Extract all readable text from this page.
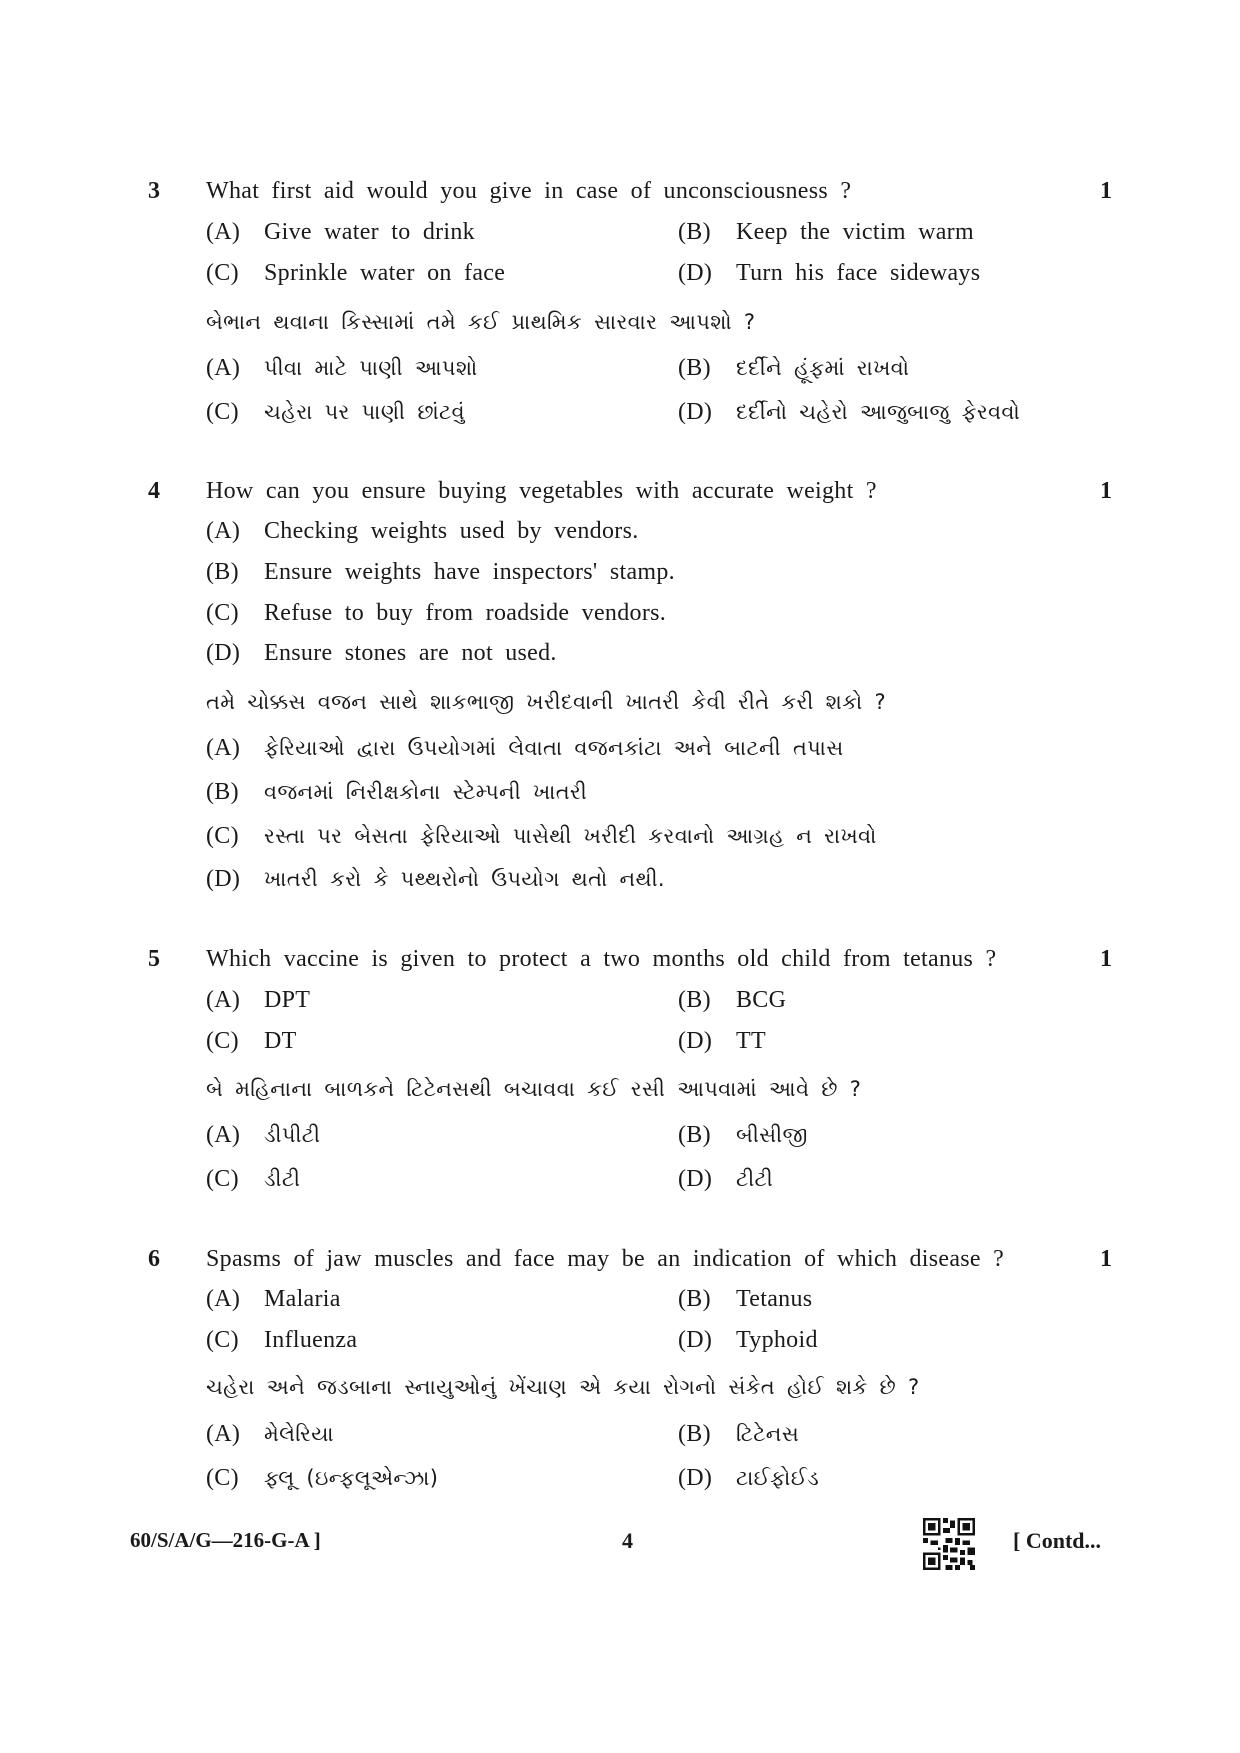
3 What first aid would you give in case of unconsciousness ?	1
(A) Give water to drink	(B) Keep the victim warm
(C) Sprinkle water on face	(D) Turn his face sideways
બેભાન થવાના કિસ્સામાં તમે કઈ પ્રાથમિક સારવાર આપશો ?
(A) પીવા માટે પાણી આપશો	(B) દર્દીને હૂંફમાં રાખવો
(C) ચહેરા પર પાણી છાંટવું	(D) દર્દીનો ચહેરો આજુબાજુ ફેરવવો
4 How can you ensure buying vegetables with accurate weight ?	1
(A) Checking weights used by vendors.
(B) Ensure weights have inspectors' stamp.
(C) Refuse to buy from roadside vendors.
(D) Ensure stones are not used.
તમે ચોક્કસ વજન સાથે શાકભાજી ખરીદવાની ખાતરી કેવી રીતે કરી શકો ?
(A) ફેરિયાઓ દ્વારા ઉપયોગમાં લેવાતા વજનકાંટા અને બાટની તપાસ
(B) વજનમાં નિરીક્ષકોના સ્ટેમ્પની ખાતરી
(C) રસ્તા પર બેસતા ફેરિયાઓ પાસેથી ખરીદી કરવાનો આગ્રહ ન રાખવો
(D) ખાતરી કરો કે પથ્થરોનો ઉપયોગ થતો નથી.
5 Which vaccine is given to protect a two months old child from tetanus ?	1
(A) DPT	(B) BCG
(C) DT	(D) TT
બે મહિનાના બાળકને ટિટેનસથી બચાવવા કઈ રસી આપવામાં આવે છે ?
(A) ડીપીટી	(B) બીસીજી
(C) ડીટી	(D) ટીટી
6 Spasms of jaw muscles and face may be an indication of which disease ?	1
(A) Malaria	(B) Tetanus
(C) Influenza	(D) Typhoid
ચહેરા અને જડબાના સ્નાયુઓનું ખેંચાણ એ કયા રોગનો સંકેત હોઈ શકે છે ?
(A) મેલેરિયા	(B) ટિટેનસ
(C) ફ્લૂ (ઇન્ફલૂએન્ઝા)	(D) ટાઈફોઈડ
60/S/A/G—216-G-A ]	4	[ Contd...
